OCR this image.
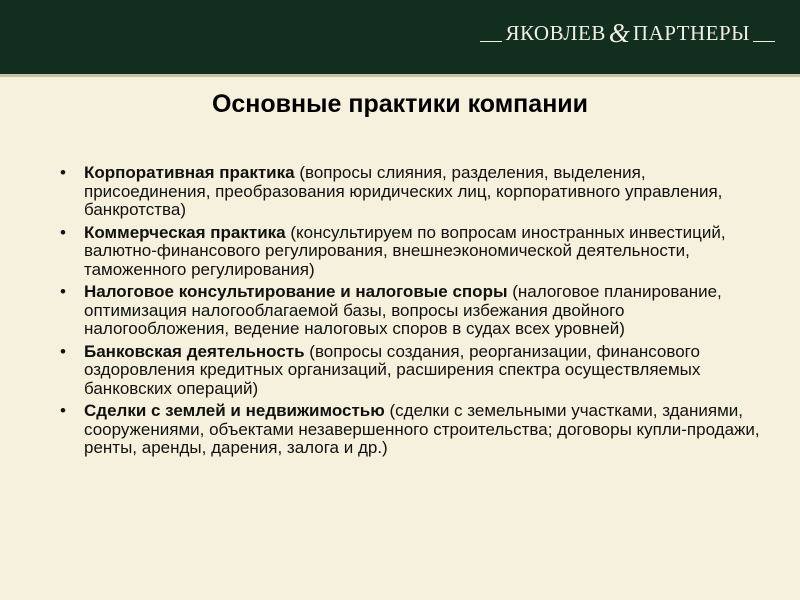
ЯКОВЛЕВ & ПАРТНЕРЫ
Основные практики компании
• Корпоративная практика (вопросы слияния, разделения, выделения, присоединения, преобразования юридических лиц, корпоративного управления, банкротства)
• Коммерческая практика (консультируем по вопросам иностранных инвестиций, валютно-финансового регулирования, внешнеэкономической деятельности, таможенного регулирования)
• Налоговое консультирование и налоговые споры (налоговое планирование, оптимизация налогооблагаемой базы, вопросы избежания двойного налогообложения, ведение налоговых споров в судах всех уровней)
• Банковская деятельность (вопросы создания, реорганизации, финансового оздоровления кредитных организаций, расширения спектра осуществляемых банковских операций)
• Сделки с землей и недвижимостью (сделки с земельными участками, зданиями, сооружениями, объектами незавершенного строительства; договоры купли-продажи, ренты, аренды, дарения, залога и др.)
